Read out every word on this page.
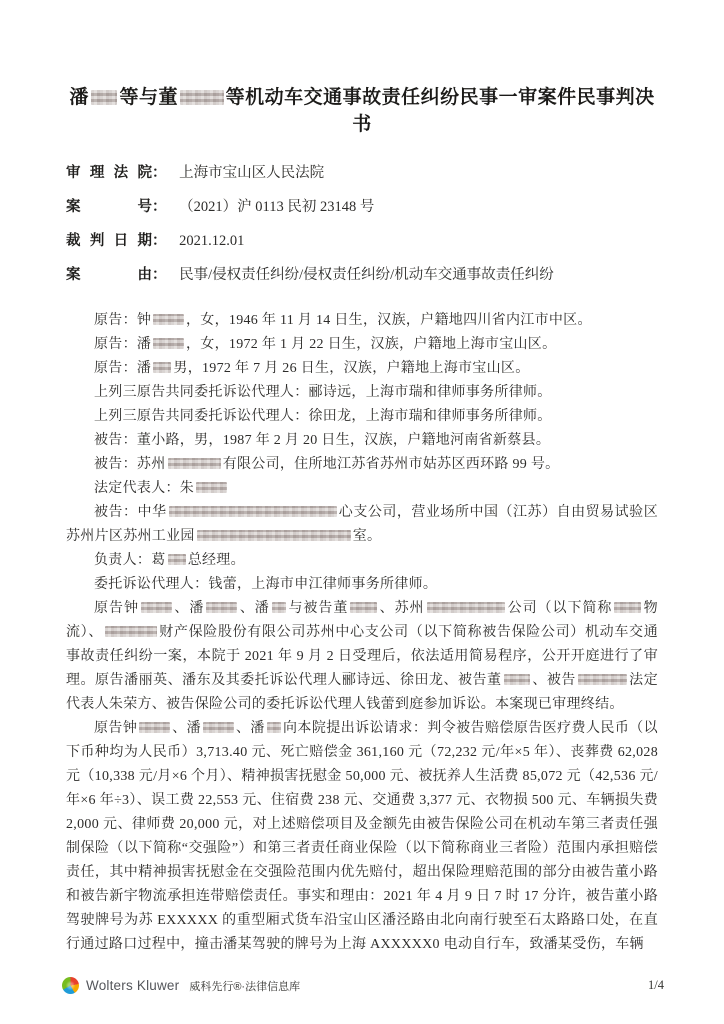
潘 等与董	等机动车交通事故责任纠纷民事一审案件民事判决书
审理法院： 上海市宝山区人民法院
案号： （2021）沪 0113 民初 23148 号
裁判日期： 2021.12.01
案由： 民事/侵权责任纠纷/侵权责任纠纷/机动车交通事故责任纠纷

原告：钟 ，女，1946 年 11 月 14 日生，汉族，户籍地四川省内江市中区。

原告：潘 ，女，1972 年 1 月 22 日生，汉族，户籍地上海市宝山区。

原告：潘 男，1972 年 7 月 26 日生，汉族，户籍地上海市宝山区。

上列三原告共同委托诉讼代理人：郦诗远，上海市瑞和律师事务所律师。

上列三原告共同委托诉讼代理人：徐田龙，上海市瑞和律师事务所律师。

被告：董小路，男，1987 年 2 月 20 日生，汉族，户籍地河南省新蔡县。

被告：苏州	有限公司，住所地江苏省苏州市姑苏区西环路 99 号。

法定代表人：朱

被告：中华	心支公司，营业场所中国（江苏）自由贸易试验区苏州片区苏州工业园	室。

负责人：葛 总经理。

委托诉讼代理人：钱蕾，上海市申江律师事务所律师。

原告钟 、潘 、潘 与被告董 、苏州	公司（以下简称 物流）、	财产保险股份有限公司苏州中心支公司（以下简称被告保险公司）机动车交通事故责任纠纷一案，本院于 2021 年 9 月 2 日受理后，依法适用简易程序，公开开庭进行了审理。原告潘丽英、潘东及其委托诉讼代理人郦诗远、徐田龙、被告董 、被告	法定代表人朱荣方、被告保险公司的委托诉讼代理人钱蕾到庭参加诉讼。本案现已审理终结。

原告钟 、潘 、潘 向本院提出诉讼请求：判令被告赔偿原告医疗费人民币（以下币种均为人民币）3,713.40 元、死亡赔偿金 361,160 元（72,232 元/年×5 年）、丧葬费 62,028 元（10,338 元/月×6 个月）、精神损害抚慰金 50,000 元、被抚养人生活费 85,072 元（42,536 元/年×6 年÷3）、误工费 22,553 元、住宿费 238 元、交通费 3,377 元、衣物损 500 元、车辆损失费 2,000 元、律师费 20,000 元，对上述赔偿项目及金额先由被告保险公司在机动车第三者责任强制保险（以下简称“交强险”）和第三者责任商业保险（以下简称商业三者险）范围内承担赔偿责任，其中精神损害抚慰金在交强险范围内优先赔付，超出保险理赔范围的部分由被告董小路和被告新宇物流承担连带赔偿责任。事实和理由：2021 年 4 月 9 日 7 时 17 分许，被告董小路驾驶牌号为苏 EXXXXX 的重型厢式货车沿宝山区潘泾路由北向南行驶至石太路路口处，在直行通过路口过程中，撞击潘某驾驶的牌号为上海 AXXXXX0 电动自行车，致潘某受伤，车辆

Wolters Kluwer 威科先行®·法律信息库	1/4
